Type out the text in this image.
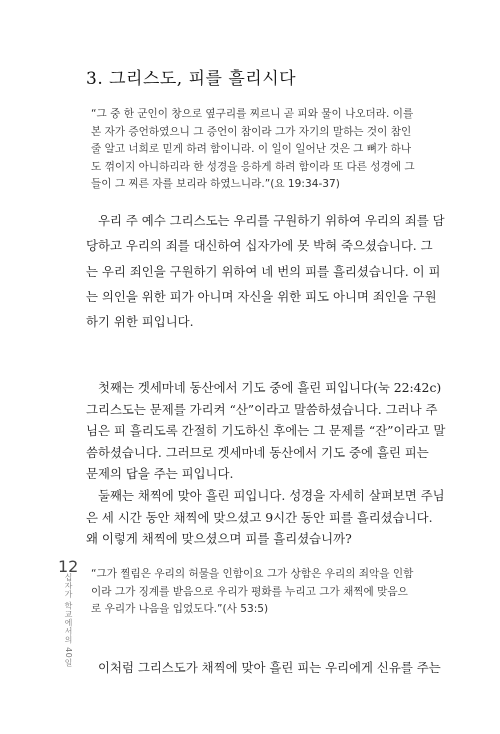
3. 그리스도, 피를 흘리시다
“그 중 한 군인이 창으로 옆구리를 찌르니 곧 피와 물이 나오더라. 이를
본 자가 증언하였으니 그 증언이 참이라 그가 자기의 말하는 것이 참인
줄 알고 너희로 믿게 하려 함이니라. 이 일이 일어난 것은 그 뼈가 하나
도 꺾이지 아니하리라 한 성경을 응하게 하려 함이라 또 다른 성경에 그
들이 그 찌른 자를 보리라 하였느니라.”(요 19:34-37)
우리 주 예수 그리스도는 우리를 구원하기 위하여 우리의 죄를 담
당하고 우리의 죄를 대신하여 십자가에 못 박혀 죽으셨습니다. 그
는 우리 죄인을 구원하기 위하여 네 번의 피를 흘리셨습니다. 이 피
는 의인을 위한 피가 아니며 자신을 위한 피도 아니며 죄인을 구원
하기 위한 피입니다.
첫째는 겟세마네 동산에서 기도 중에 흘린 피입니다(눅 22:42c)
그리스도는 문제를 가리켜 “산”이라고 말씀하셨습니다. 그러나 주
님은 피 흘리도록 간절히 기도하신 후에는 그 문제를 “잔”이라고 말
씀하셨습니다. 그러므로 겟세마네 동산에서 기도 중에 흘린 피는
문제의 답을 주는 피입니다.
둘째는 채찍에 맞아 흘린 피입니다. 성경을 자세히 살펴보면 주님
은 세 시간 동안 채찍에 맞으셨고 9시간 동안 피를 흘리셨습니다.
왜 이렇게 채찍에 맞으셨으며 피를 흘리셨습니까?
“그가 찔림은 우리의 허물을 인함이요 그가 상함은 우리의 죄악을 인함
이라 그가 징계를 받음으로 우리가 평화를 누리고 그가 채찍에 맞음으
로 우리가 나음을 입었도다.”(사 53:5)
이처럼 그리스도가 채찍에 맞아 흘린 피는 우리에게 신유를 주는
12
십자가 학교에서의 40일
